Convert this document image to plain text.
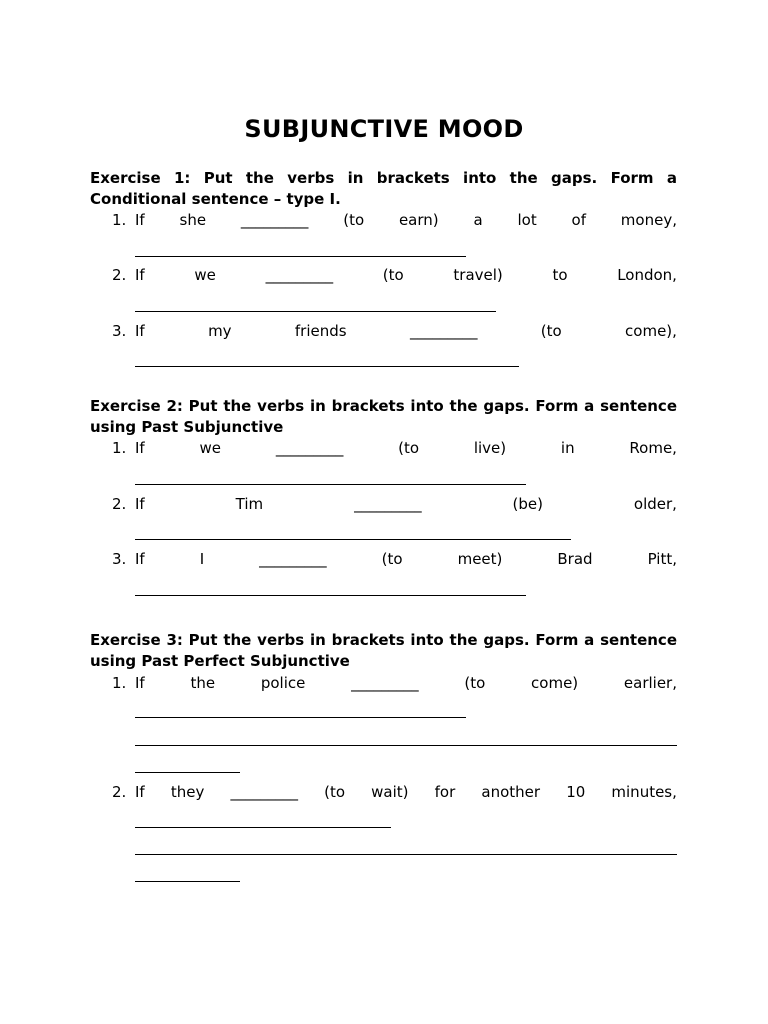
SUBJUNCTIVE MOOD
Exercise 1: Put the verbs in brackets into the gaps. Form a Conditional sentence – type I.
1. If she _________ (to earn) a lot of money,
2. If	we	_________	(to	travel)	to	London,
3. If	my	friends	_________	(to	come),
Exercise 2: Put the verbs in brackets into the gaps. Form a sentence using Past Subjunctive
1. If	we	_________	(to	live)	in	Rome,
2. If	Tim	_________	(be)	older,
3. If	I	_________	(to	meet)	Brad	Pitt,
Exercise 3: Put the verbs in brackets into the gaps. Form a sentence using Past Perfect Subjunctive
1. If	the	police	_________	(to	come)	earlier,
2. If they _________ (to wait) for another 10 minutes,
